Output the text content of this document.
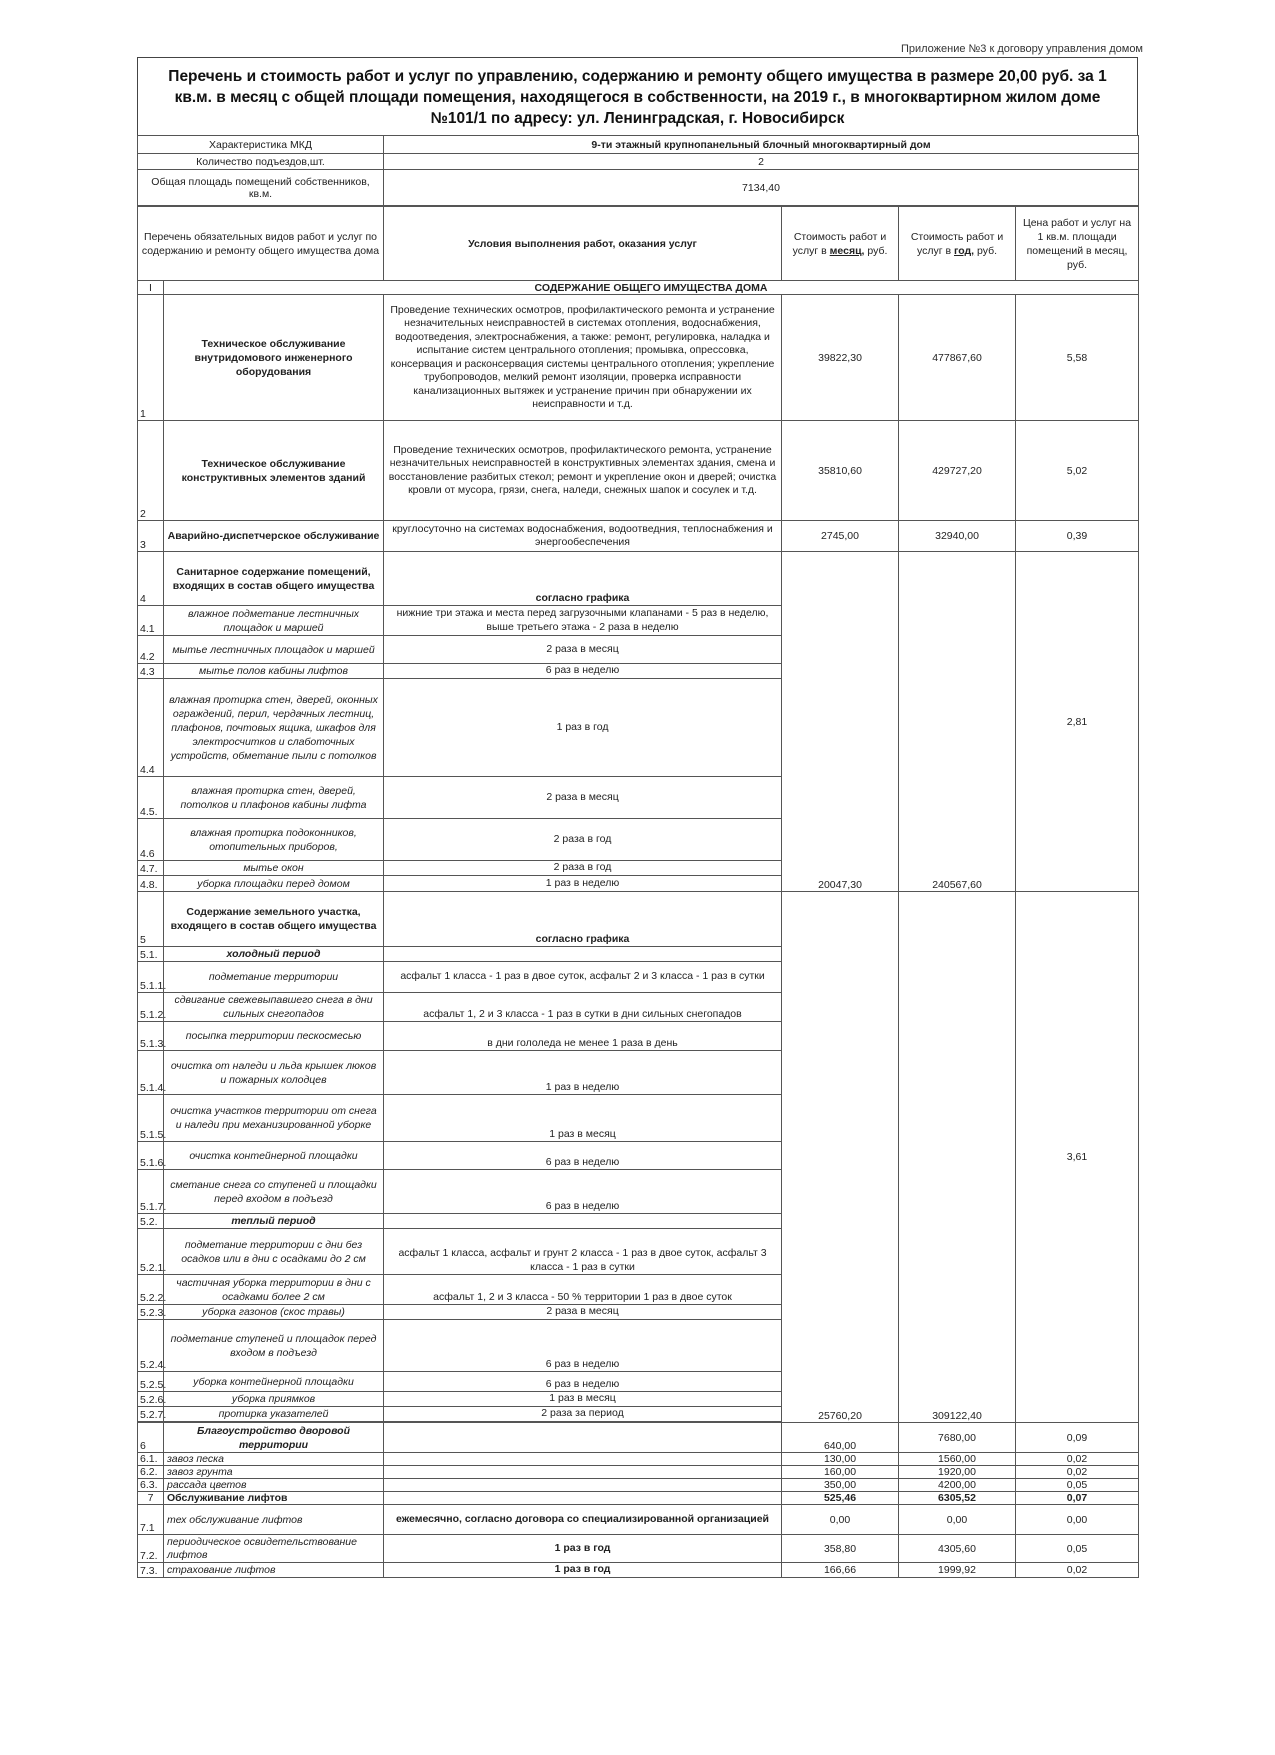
Приложение №3 к договору управления домом
Перечень и стоимость работ и услуг по управлению, содержанию и ремонту общего имущества в размере 20,00 руб. за 1 кв.м. в месяц с общей площади помещения, находящегося в собственности, на 2019 г., в многоквартирном жилом доме №101/1 по адресу: ул. Ленинградская, г. Новосибирск
Характеристика МКД	9-ти этажный крупнопанельный блочный многоквартирный дом
Количество подъездов,шт.	2
Общая площадь помещений собственников, кв.м.	7134,40
Перечень обязательных видов работ и услуг по содержанию и ремонту общего имущества дома		Условия выполнения работ, оказания услуг	Стоимость работ и услуг в месяц, руб.	Стоимость работ и услуг в год, руб.	Цена работ и услуг на 1 кв.м. площади помещений в месяц, руб.
I	СОДЕРЖАНИЕ ОБЩЕГО ИМУЩЕСТВА ДОМА				
1	Техническое обслуживание внутридомового инженерного оборудования	Проведение технических осмотров, профилактического ремонта и устранение незначительных неисправностей в системах отопления, водоснабжения, водоотведения, электроснабжения, а также: ремонт, регулировка, наладка и испытание систем центрального отопления; промывка, опрессовка, консервация и расконсервация системы центрального отопления; укрепление трубопроводов, мелкий ремонт изоляции, проверка исправности канализационных вытяжек и устранение причин при обнаружении их неисправности и т.д.	39822,30	477867,60	5,58
2	Техническое обслуживание конструктивных элементов зданий	Проведение технических осмотров, профилактического ремонта, устранение незначительных неисправностей в конструктивных элементах здания, смена и восстановление разбитых стекол; ремонт и укрепление окон и дверей; очистка кровли от мусора, грязи, снега, наледи, снежных шапок и сосулек и т.д.	35810,60	429727,20	5,02
3	Аварийно-диспетчерское обслуживание	круглосуточно на системах водоснабжения, водоотведния, теплоснабжения и энергообеспечения	2745,00	32940,00	0,39
4	Санитарное содержание помещений, входящих в состав общего имущества	согласно графика	20047,30	240567,60	2,81
4.1	влажное подметание лестничных площадок и маршей	нижние три этажа и места перед загрузочными клапанами - 5 раз в неделю, выше третьего этажа - 2 раза в неделю			
4.2	мытье лестничных площадок и маршей	2 раза в месяц			
4.3	мытье полов кабины лифтов	6 раз в неделю			
4.4	влажная протирка стен, дверей, оконных ограждений, перил, чердачных лестниц, плафонов, почтовых ящика, шкафов для электросчитков и слаботочных устройств, обметание пыли с потолков	1 раз в год			
4.5.	влажная протирка стен, дверей, потолков и плафонов кабины лифта	2 раза в месяц			
4.6	влажная протирка подоконников, отопительных приборов,	2 раза в год			
4.7.	мытье окон	2 раза в год			
4.8.	уборка площадки перед домом	1 раз в неделю			
5	Содержание земельного участка, входящего в состав общего имущества	согласно графика	25760,20	309122,40	3,61
5.1.	холодный период				
5.1.1.	подметание территории	асфальт 1 класса - 1 раз в двое суток, асфальт 2 и 3 класса - 1 раз в сутки			
5.1.2.	сдвигание свежевыпавшего снега в дни сильных снегопадов	асфальт 1, 2 и 3 класса - 1 раз в сутки в дни сильных снегопадов			
5.1.3.	посыпка территории пескосмесью	в дни гололеда не менее 1 раза в день			
5.1.4.	очистка от наледи и льда крышек люков и пожарных колодцев	1 раз в неделю			
5.1.5.	очистка участков территории от снега и наледи при механизированной уборке	1 раз в месяц			
5.1.6.	очистка контейнерной площадки	6 раз в неделю			
5.1.7.	сметание снега со ступеней и площадки перед входом в подъезд	6 раз в неделю			
5.2.	теплый период				
5.2.1.	подметание территории с дни без осадков или в дни с осадками до 2 см	асфальт 1 класса, асфальт и грунт 2 класса - 1 раз в двое суток, асфальт 3 класса - 1 раз в сутки			
5.2.2.	частичная уборка территории в дни с осадками более 2 см	асфальт 1, 2 и 3 класса - 50 % территории 1 раз в двое суток			
5.2.3.	уборка газонов (скос травы)	2 раза в месяц			
5.2.4.	подметание ступеней и площадок перед входом в подъезд	6 раз в неделю			
5.2.5.	уборка контейнерной площадки	6 раз в неделю			
5.2.6.	уборка приямков	1 раз в месяц			
5.2.7.	протирка указателей	2 раза за период			

6	Благоустройство дворовой территории		640,00	7680,00	0,09
6.1.	завоз песка		130,00	1560,00	0,02
6.2.	завоз грунта		160,00	1920,00	0,02
6.3.	рассада цветов		350,00	4200,00	0,05
7	Обслуживание лифтов		525,46	6305,52	0,07
7.1	тех обслуживание лифтов	ежемесячно, согласно договора со специализированной организацией	0,00	0,00	0,00
7.2.	периодическое освидетельствование лифтов	1 раз в год	358,80	4305,60	0,05
7.3.	страхование лифтов	1 раз в год	166,66	1999,92	0,02
